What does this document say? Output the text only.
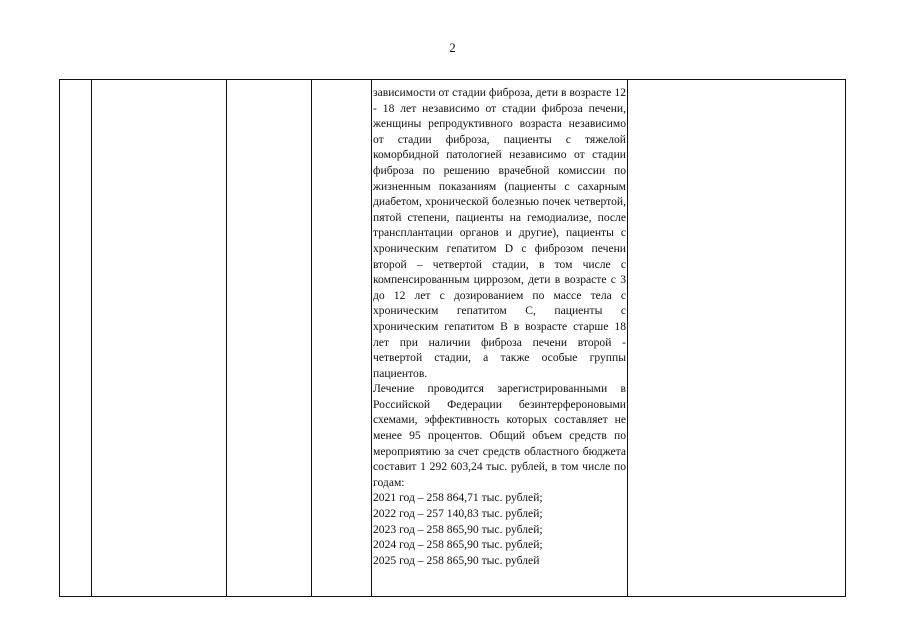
2
зависимости от стадии фиброза, дети в возрасте 12 - 18 лет независимо от стадии фиброза печени, женщины репродуктивного возраста независимо от стадии фиброза, пациенты с тяжелой коморбидной патологией независимо от стадии фиброза по решению врачебной комиссии по жизненным показаниям (пациенты с сахарным диабетом, хронической болезнью почек четвертой, пятой степени, пациенты на гемодиализе, после трансплантации органов и другие), пациенты с хроническим гепатитом D с фиброзом печени второй – четвертой стадии, в том числе с компенсированным циррозом, дети в возрасте с 3 до 12 лет с дозированием по массе тела с хроническим гепатитом С, пациенты с хроническим гепатитом В в возрасте старше 18 лет при наличии фиброза печени второй - четвертой стадии, а также особые группы пациентов.
Лечение проводится зарегистрированными в Российской Федерации безинтерфероновыми схемами, эффективность которых составляет не менее 95 процентов. Общий объем средств по мероприятию за счет средств областного бюджета составит 1 292 603,24 тыс. рублей, в том числе по годам:
2021 год – 258 864,71 тыс. рублей;
2022 год – 257 140,83 тыс. рублей;
2023 год – 258 865,90 тыс. рублей;
2024 год – 258 865,90 тыс. рублей;
2025 год – 258 865,90 тыс. рублей
